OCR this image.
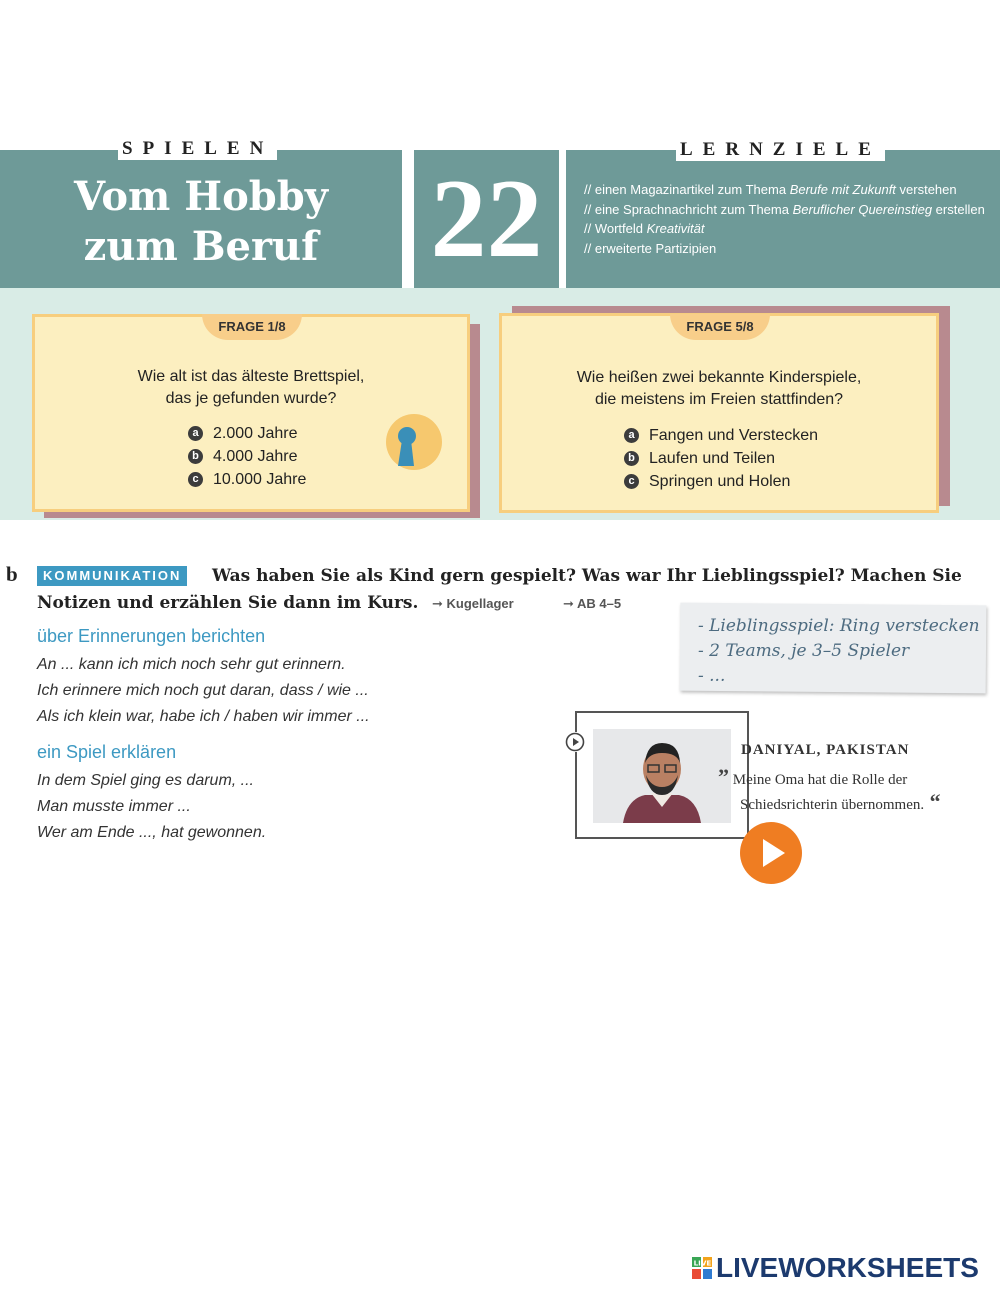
SPIELEN	LERNZIELE
Vom Hobby
zum Beruf	22	// einen Magazinartikel zum Thema Berufe mit Zukunft verstehen
// eine Sprachnachricht zum Thema Beruflicher Quereinstieg erstellen
// Wortfeld Kreativität
// erweiterte Partizipien
FRAGE 1/8	FRAGE 5/8
Wie alt ist das älteste Brettspiel,
das je gefunden wurde?
Wie heißen zwei bekannte Kinderspiele,
die meistens im Freien stattfinden?
a 2.000 Jahre
b 4.000 Jahre
c 10.000 Jahre
a Fangen und Verstecken
b Laufen und Teilen
c Springen und Holen
b	KOMMUNIKATION	Was haben Sie als Kind gern gespielt? Was war Ihr Lieblingsspiel? Machen Sie
Notizen und erzählen Sie dann im Kurs. ➞ Kugellager	➞ AB 4–5
über Erinnerungen berichten
An ... kann ich mich noch sehr gut erinnern.
Ich erinnere mich noch gut daran, dass / wie ...
Als ich klein war, habe ich / haben wir immer ...
ein Spiel erklären
In dem Spiel ging es darum, ...
Man musste immer ...
Wer am Ende ..., hat gewonnen.
- Lieblingsspiel: Ring verstecken
- 2 Teams, je 3–5 Spieler
- ...
DANIYAL, PAKISTAN
” Meine Oma hat die Rolle der
Schiedsrichterin übernommen. “
LIVE LIVEWORKSHEETS
